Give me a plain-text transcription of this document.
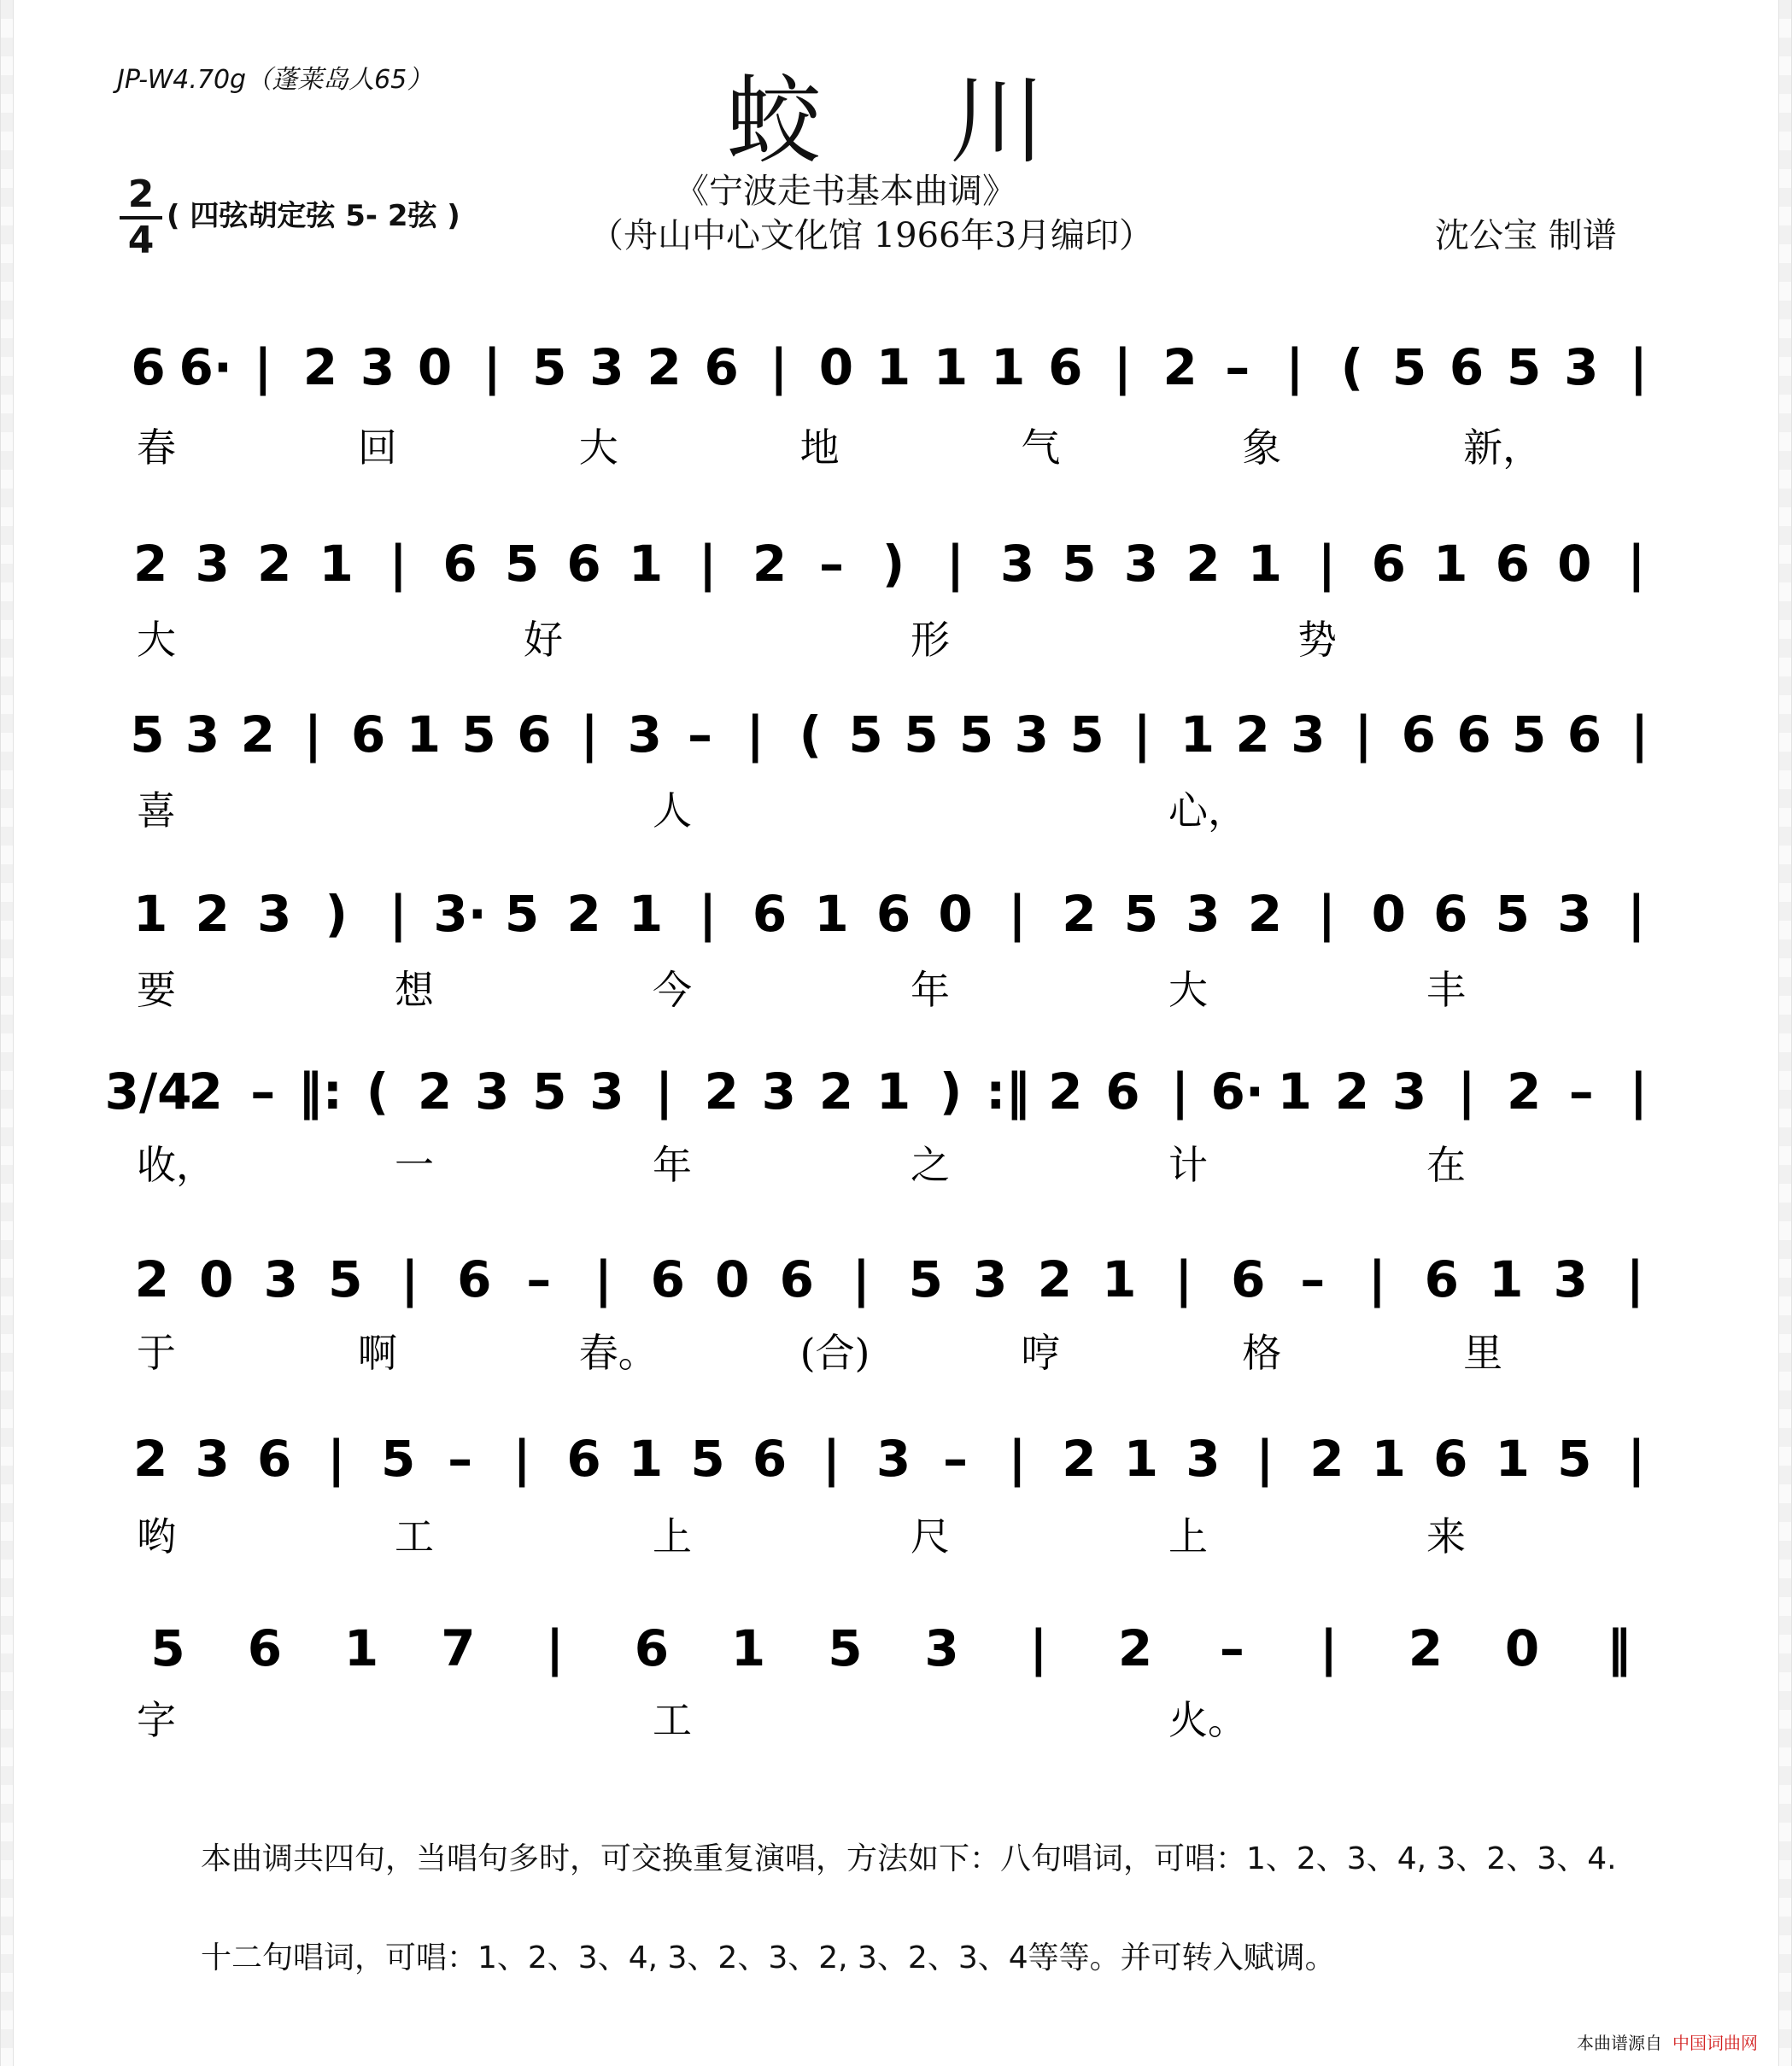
JP-W4.70g（蓬莱岛人65）	蛟川
《宁波走书基本曲调》
（舟山中心文化馆 1966年3月编印）	沈公宝 制谱
2
4
( 四弦胡定弦 5- 2弦 )
6 6· | 2 3 0 | 5 3 2 6 | 0 1 1 1 6 | 2 – | ( 5 6 5 3 |
春	回	大	地	气	象	新，
2 3 2 1 | 6 5 6 1 | 2 – ) | 3 5 3 2 1 | 6 1 6 0 |
大	好	形	势
5 3 2 | 6 1 5 6 | 3 – | ( 5 5 5 3 5 | 1 2 3 | 6 6 5 6 |
喜	人	心，
1 2 3 ) | 3· 5 2 1 | 6 1 6 0 | 2 5 3 2 | 0 6 5 3 |
要	想	今	年	大	丰
3/4
2 – ‖: ( 2 3 5 3 | 2 3 2 1 ) :‖ 2 6 | 6· 1 2 3 | 2 – |
收，	一	年	之	计	在
2 0 3 5 | 6 – | 6 0 6 | 5 3 2 1 | 6 – | 6 1 3 |
于	啊	春。	(合)	哼	格	里
2 3 6 | 5 – | 6 1 5 6 | 3 – | 2 1 3 | 2 1 6 1 5 |
哟	工	上	尺	上	来
5 6 1 7 | 6 1 5 3 | 2 – | 2 0 ‖
字	工	火。
本曲调共四句，当唱句多时，可交换重复演唱，方法如下：八句唱词，可唱：1、2、3、4, 3、2、3、4.
十二句唱词，可唱：1、2、3、4, 3、2、3、2, 3、2、3、4等等。并可转入赋调。
本曲谱源自 中国词曲网
